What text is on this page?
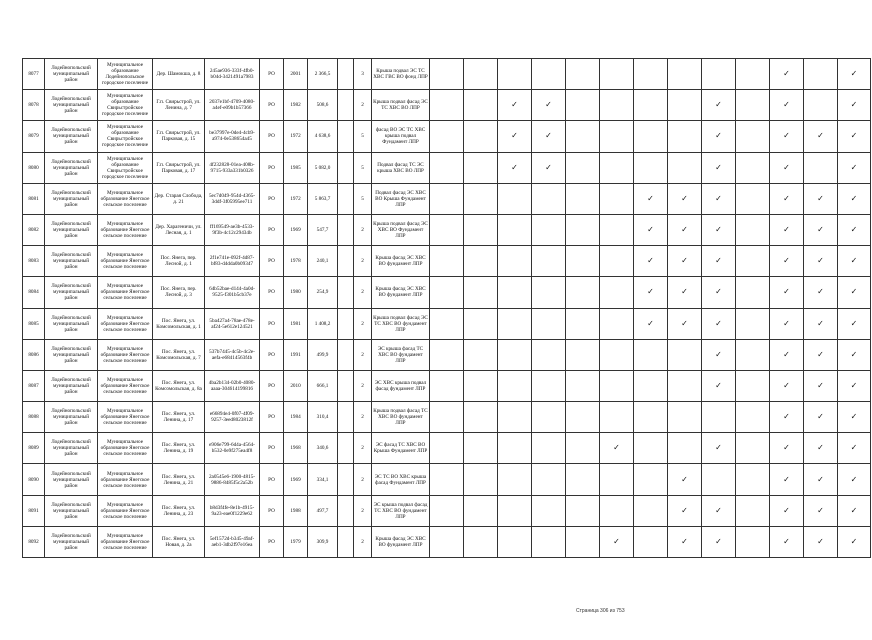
8077	Лодейнопольский муниципальный район	Муниципальное образование Лодейнопольское городское поселение	Дер. Шамокша, д. 8	245ae936-333f-4fb0-b04d-3421491a7983	РО	2001	2 366,5		3	Крыша подвал ЭС ТС ХВС ГВС ВО фонд ЛПР											✓		✓
8078	Лодейнопольский муниципальный район	Муниципальное образование Свирьстройское городское поселение	Г.п. Свирьстрой, ул. Ленина, д. 7	2037e1bf-4709-4080-a4ef-e09b1b57366	РО	1982	508,6		2	Крыша подвал фасад ЭС ТС ХВС ВО ЛПР			✓	✓					✓		✓		✓
8079	Лодейнопольский муниципальный район	Муниципальное образование Свирьстройское городское поселение	Г.п. Свирьстрой, ул. Парковая, д. 15	be37997e-0de4-4cb9-a974-0e538654a45	РО	1972	4 638,6		5	фасад ВО ЭС ТС ХВС крыша подвал Фундамент ЛПР			✓	✓					✓		✓	✓	✓
8080	Лодейнопольский муниципальный район	Муниципальное образование Свирьстройское городское поселение	Г.п. Свирьстрой, ул. Парковая, д. 17	4f232828-01ea-408b-9715-933a331b0326	РО	1985	5 082,0		5	Подвал фасад ТС ЭС крыша ХВС ВО ЛПР			✓	✓					✓		✓		✓
8081	Лодейнопольский муниципальный район	Муниципальное образование Янегское сельское поселение	Дер. Старая Слобода, д. 21	5ec7d049-954d-4365-3ddf-3f05995ee711	РО	1972	5 863,7		5	Подвал фасад ЭС ХВС ВО Крыша Фундамент ЛПР							✓	✓	✓		✓	✓	✓
8082	Лодейнопольский муниципальный район	Муниципальное образование Янегское сельское поселение	Дер. Харагеничи, ул. Лесная, д. 1	ff169549-ae3b-4533-9f3b-4c12c29434b	РО	1969	547,7		2	Крыша подвал фасад ЭС ХВС ВО Фундамент ЛПР							✓	✓	✓		✓	✓	✓
8083	Лодейнопольский муниципальный район	Муниципальное образование Янегское сельское поселение	Пос. Янега, пер. Лесной, д. 1	2f1e741e-092f-4d87-bf83-d4dda0b09347	РО	1978	240,1		2	Крыша фасад ЭС ХВС ВО фундамент ЛПР							✓	✓	✓		✓	✓	✓
8084	Лодейнопольский муниципальный район	Муниципальное образование Янегское сельское поселение	Пос. Янега, пер. Лесной, д. 3	64b52bae-d144-4a0d-9525-f301b5cb37e	РО	1980	254,9		2	Крыша фасад ЭС ХВС ВО фундамент ЛПР							✓	✓	✓		✓	✓	✓
8085	Лодейнопольский муниципальный район	Муниципальное образование Янегское сельское поселение	Пос. Янега, ул. Комсомольская, д. 1	5ba427a4-78ae-478e-af24-5e612e124521	РО	1981	1 408,2		2	Крыша подвал фасад ЭС ТС ХВС ВО фундамент ЛПР							✓	✓	✓		✓	✓	✓
8086	Лодейнопольский муниципальный район	Муниципальное образование Янегское сельское поселение	Пос. Янега, ул. Комсомольская, д. 7	537b7445-4c5b-4c2e-aefa-e68414563f4b	РО	1991	499,9		2	ЭС крыша фасад ТС ХВС ВО фундамент ЛПР									✓		✓	✓	✓
8087	Лодейнопольский муниципальный район	Муниципальное образование Янегское сельское поселение	Пос. Янега, ул. Комсомольская, д. 8а	4ba2b134-02b0-4080-aaaa-304614199816	РО	2010	666,1		2	ЭС ХВС крыша подвал фасад фундамент ЛПР									✓		✓	✓	✓
8088	Лодейнопольский муниципальный район	Муниципальное образование Янегское сельское поселение	Пос. Янега, ул. Ленина, д. 17	e66894e4-0f07-4f09-9257-3eed8023812f	РО	1984	310,4		2	Крыша подвал фасад ТС ХВС ВО фундамент ЛПР											✓	✓	✓
8089	Лодейнопольский муниципальный район	Муниципальное образование Янегское сельское поселение	Пос. Янега, ул. Ленина, д. 19	e906e799-6d4a-4564-b532-0e9f275ea4f8	РО	1968	340,6		2	ЭС фасад ТС ХВС ВО Крыша Фундамент ЛПР						✓			✓		✓	✓	✓
8090	Лодейнопольский муниципальный район	Муниципальное образование Янегское сельское поселение	Пос. Янега, ул. Ленина, д. 21	2a0545e6-1900-4815-9886-8485f5c2a52b	РО	1969	334,1		2	ЭС ТС ВО ХВС крыша фасад Фундамент ЛПР								✓			✓	✓	✓
8091	Лодейнопольский муниципальный район	Муниципальное образование Янегское сельское поселение	Пос. Янега, ул. Ленина, д. 23	b8d3f4fe-8e1b-4915-9a23-eae0f1229e62	РО	1988	497,7		2	ЭС крыша подвал фасад ТС ХВС ВО фундамент ЛПР								✓	✓		✓	✓	✓
8092	Лодейнопольский муниципальный район	Муниципальное образование Янегское сельское поселение	Пос. Янега, ул. Новая, д. 2а	5ef1572d-b345-49af-aeb1-3db2f97e16ea	РО	1979	309,9		2	Крыша фасад ЭС ХВС ВО фундамент ЛПР						✓		✓	✓		✓	✓	✓
Страница 306 из 753
